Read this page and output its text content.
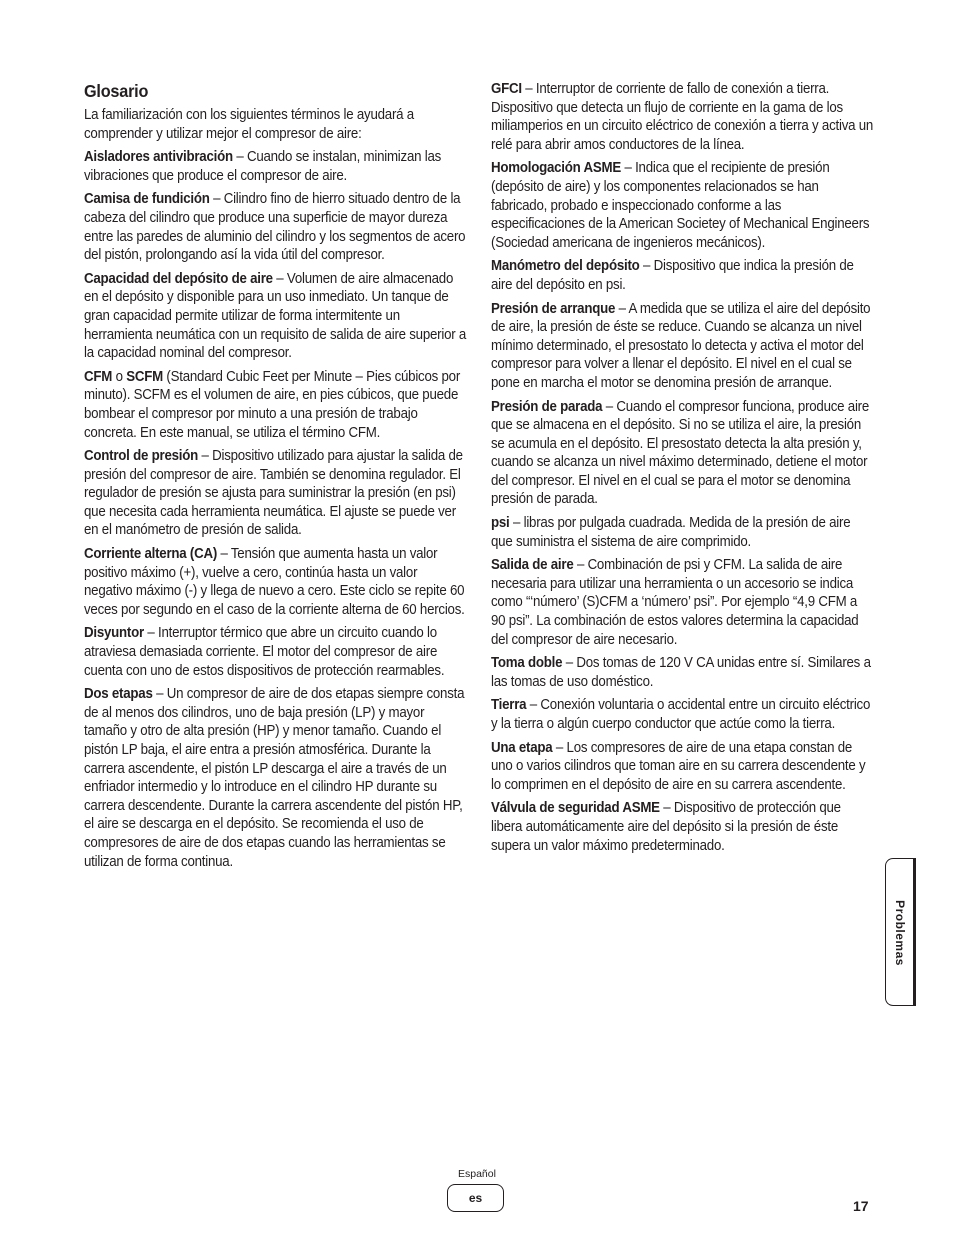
Glosario

La familiarización con los siguientes términos le ayudará a comprender y utilizar mejor el compresor de aire:

Aisladores antivibración – Cuando se instalan, minimizan las vibraciones que produce el compresor de aire.

Camisa de fundición – Cilindro fino de hierro situado dentro de la cabeza del cilindro que produce una superficie de mayor dureza entre las paredes de aluminio del cilindro y los segmentos de acero del pistón, prolongando así la vida útil del compresor.

Capacidad del depósito de aire – Volumen de aire almacenado en el depósito y disponible para un uso inmediato. Un tanque de gran capacidad permite utilizar de forma intermitente un herramienta neumática con un requisito de salida de aire superior a la capacidad nominal del compresor.

CFM o SCFM (Standard Cubic Feet per Minute – Pies cúbicos por minuto). SCFM es el volumen de aire, en pies cúbicos, que puede bombear el compresor por minuto a una presión de trabajo concreta. En este manual, se utiliza el término CFM.

Control de presión – Dispositivo utilizado para ajustar la salida de presión del compresor de aire. También se denomina regulador. El regulador de presión se ajusta para suministrar la presión (en psi) que necesita cada herramienta neumática. El ajuste se puede ver en el manómetro de presión de salida.

Corriente alterna (CA) – Tensión que aumenta hasta un valor positivo máximo (+), vuelve a cero, continúa hasta un valor negativo máximo (-) y llega de nuevo a cero. Este ciclo se repite 60 veces por segundo en el caso de la corriente alterna de 60 hercios.

Disyuntor – Interruptor térmico que abre un circuito cuando lo atraviesa demasiada corriente. El motor del compresor de aire cuenta con uno de estos dispositivos de protección rearmables.

Dos etapas – Un compresor de aire de dos etapas siempre consta de al menos dos cilindros, uno de baja presión (LP) y mayor tamaño y otro de alta presión (HP) y menor tamaño. Cuando el pistón LP baja, el aire entra a presión atmosférica. Durante la carrera ascendente, el pistón LP descarga el aire a través de un enfriador intermedio y lo introduce en el cilindro HP durante su carrera descendente. Durante la carrera ascendente del pistón HP, el aire se descarga en el depósito. Se recomienda el uso de compresores de aire de dos etapas cuando las herramientas se utilizan de forma continua.

GFCI – Interruptor de corriente de fallo de conexión a tierra. Dispositivo que detecta un flujo de corriente en la gama de los miliamperios en un circuito eléctrico de conexión a tierra y activa un relé para abrir amos conductores de la línea.

Homologación ASME – Indica que el recipiente de presión (depósito de aire) y los componentes relacionados se han fabricado, probado e inspeccionado conforme a las especificaciones de la American Societey of Mechanical Engineers (Sociedad americana de ingenieros mecánicos).

Manómetro del depósito – Dispositivo que indica la presión de aire del depósito en psi.

Presión de arranque – A medida que se utiliza el aire del depósito de aire, la presión de éste se reduce. Cuando se alcanza un nivel mínimo determinado, el presostato lo detecta y activa el motor del compresor para volver a llenar el depósito. El nivel en el cual se pone en marcha el motor se denomina presión de arranque.

Presión de parada – Cuando el compresor funciona, produce aire que se almacena en el depósito. Si no se utiliza el aire, la presión se acumula en el depósito. El presostato detecta la alta presión y, cuando se alcanza un nivel máximo determinado, detiene el motor del compresor. El nivel en el cual se para el motor se denomina presión de parada.

psi – libras por pulgada cuadrada. Medida de la presión de aire que suministra el sistema de aire comprimido.

Salida de aire – Combinación de psi y CFM. La salida de aire necesaria para utilizar una herramienta o un accesorio se indica como “‘número’ (S)CFM a ‘número’ psi”. Por ejemplo “4,9 CFM a 90 psi”. La combinación de estos valores determina la capacidad del compresor de aire necesario.

Toma doble – Dos tomas de 120 V CA unidas entre sí. Similares a las tomas de uso doméstico.

Tierra – Conexión voluntaria o accidental entre un circuito eléctrico y la tierra o algún cuerpo conductor que actúe como la tierra.

Una etapa – Los compresores de aire de una etapa constan de uno o varios cilindros que toman aire en su carrera descendente y lo comprimen en el depósito de aire en su carrera ascendente.

Válvula de seguridad ASME – Dispositivo de protección que libera automáticamente aire del depósito si la presión de éste supera un valor máximo predeterminado.

Problemas
Español
es	17
